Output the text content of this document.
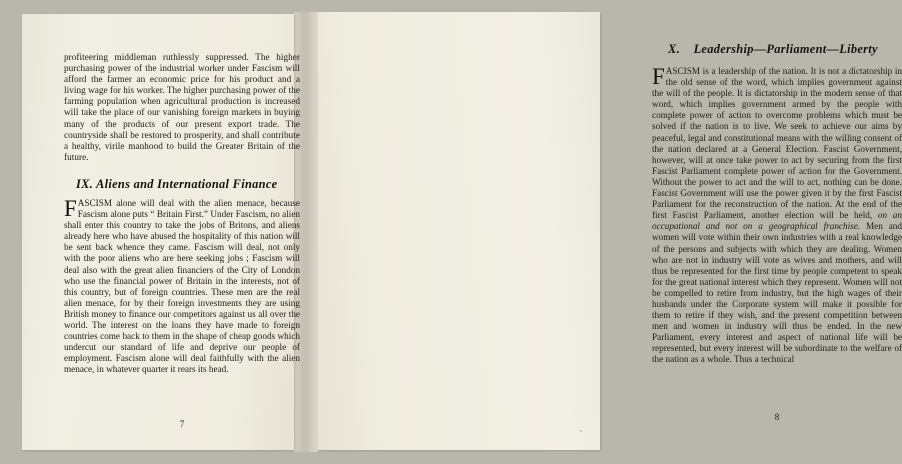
profiteering middleman ruthlessly suppressed. The higher purchasing power of the industrial worker under Fascism will afford the farmer an economic price for his product and a living wage for his worker. The higher purchasing power of the farming population when agricultural production is increased will take the place of our vanishing foreign markets in buying many of the products of our present export trade. The countryside shall be restored to prosperity, and shall contribute a healthy, virile manhood to build the Greater Britain of the future.

IX. Aliens and International Finance
F ASCISM alone will deal with the alien menace, because Fascism alone puts “ Britain First.” Under Fascism, no alien shall enter this country to take the jobs of Britons, and aliens already here who have abused the hospitality of this nation will be sent back whence they came. Fascism will deal, not only with the poor aliens who are here seeking jobs ; Fascism will deal also with the great alien financiers of the City of London who use the financial power of Britain in the interests, not of this country, but of foreign countries. These men are the real alien menace, for by their foreign investments they are using British money to finance our competitors against us all over the world. The interest on the loans they have made to foreign countries come back to them in the shape of cheap goods which undercut our standard of life and deprive our people of employment. Fascism alone will deal faithfully with the alien menace, in whatever quarter it rears its head.
7
X. Leadership—Parliament—Liberty
F ASCISM is a leadership of the nation. It is not a dictatorship in the old sense of the word, which implies government against the will of the people. It is dictatorship in the modern sense of that word, which implies government armed by the people with complete power of action to overcome problems which must be solved if the nation is to live. We seek to achieve our aims by peaceful, legal and constitutional means with the willing consent of the nation declared at a General Election. Fascist Government, however, will at once take power to act by securing from the first Fascist Parliament complete power of action for the Government. Without the power to act and the will to act, nothing can be done. Fascist Government will use the power given it by the first Fascist Parliament for the reconstruction of the nation. At the end of the first Fascist Parliament, another election will be held, on an occupational and not on a geographical franchise. Men and women will vote within their own industries with a real knowledge of the persons and subjects with which they are dealing. Women who are not in industry will vote as wives and mothers, and will thus be represented for the first time by people competent to speak for the great national interest which they represent. Women will not be compelled to retire from industry, but the high wages of their husbands under the Corporate system will make it possible for them to retire if they wish, and the present competition between men and women in industry will thus be ended. In the new Parliament, every interest and aspect of national life will be represented, but every interest will be subordinate to the welfare of the nation as a whole. Thus a technical
8
